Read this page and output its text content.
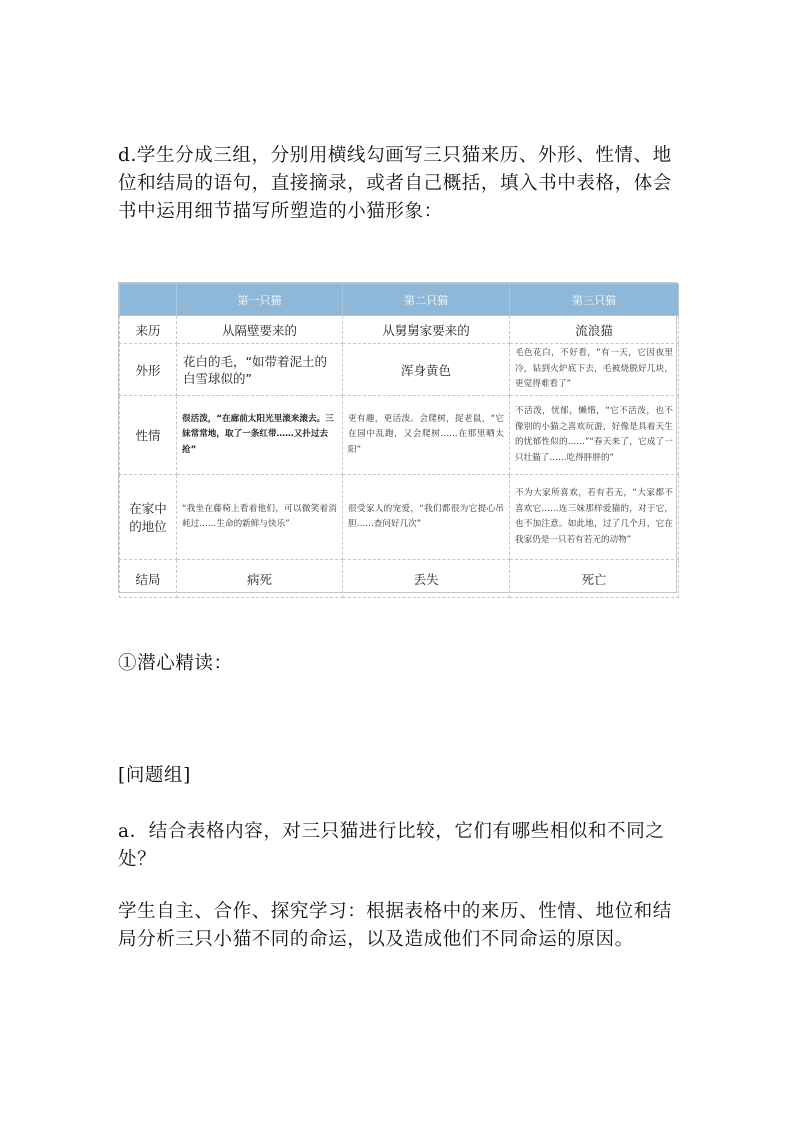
d.学生分成三组，分别用横线勾画写三只猫来历、外形、性情、地位和结局的语句，直接摘录，或者自己概括，填入书中表格，体会书中运用细节描写所塑造的小猫形象：

	第一只猫	第二只猫	第三只猫
来历	从隔壁要来的	从舅舅家要来的	流浪猫
外形	花白的毛，“如带着泥土的白雪球似的”	浑身黄色	毛色花白，不好看，“有一天，它因夜里冷，钻到火炉底下去，毛被烧脱好几块，更觉得难看了”
性情	很活泼，“在廊前太阳光里滚来滚去。三妹常常地，取了一条红带……又扑过去抢”	更有趣，更活泼。会爬树，捉老鼠，“它在园中乱跑，又会爬树……在那里晒太阳”	不活泼，忧郁，懒惰，“它不活泼，也不像别的小猫之喜欢玩游，好像是具着天生的忧郁性似的……”“春天来了，它成了一只壮猫了……吃得胖胖的”
在家中的地位	“我坐在藤椅上看着他们，可以微笑着消耗过……生命的新鲜与快乐”	很受家人的宠爱，“我们都很为它提心吊胆……查问好几次”	不为大家所喜欢，若有若无，“大家都不喜欢它……连三妹那样爱猫的，对于它，也不加注意。如此地，过了几个月，它在我家仍是一只若有若无的动物”
结局	病死	丢失	死亡

①潜心精读：

[问题组]

a．结合表格内容，对三只猫进行比较，它们有哪些相似和不同之处？

学生自主、合作、探究学习：根据表格中的来历、性情、地位和结局分析三只小猫不同的命运，以及造成他们不同命运的原因。
